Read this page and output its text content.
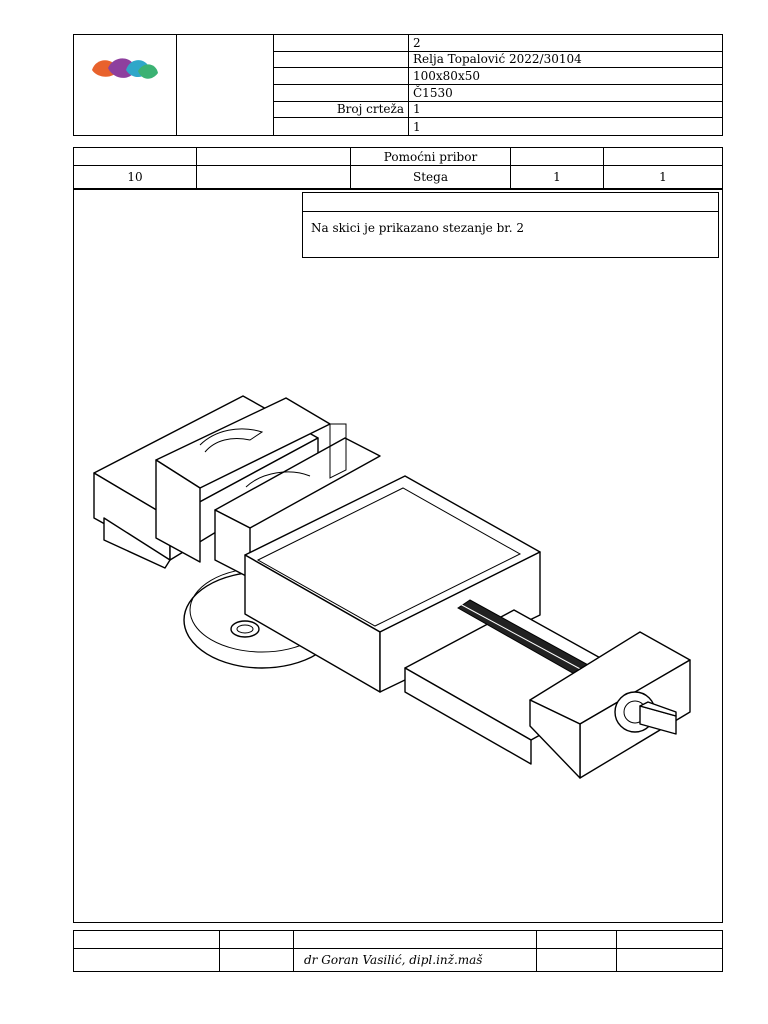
			2
			Relja Topalović 2022/30104
			100x80x50
			Č1530
		Broj crteža	1
			1
		Pomoćni pribor		
10		Stega	1	1
Na skici je prikazano stezanje br. 2

		dr Goran Vasilić, dipl.inž.maš		
